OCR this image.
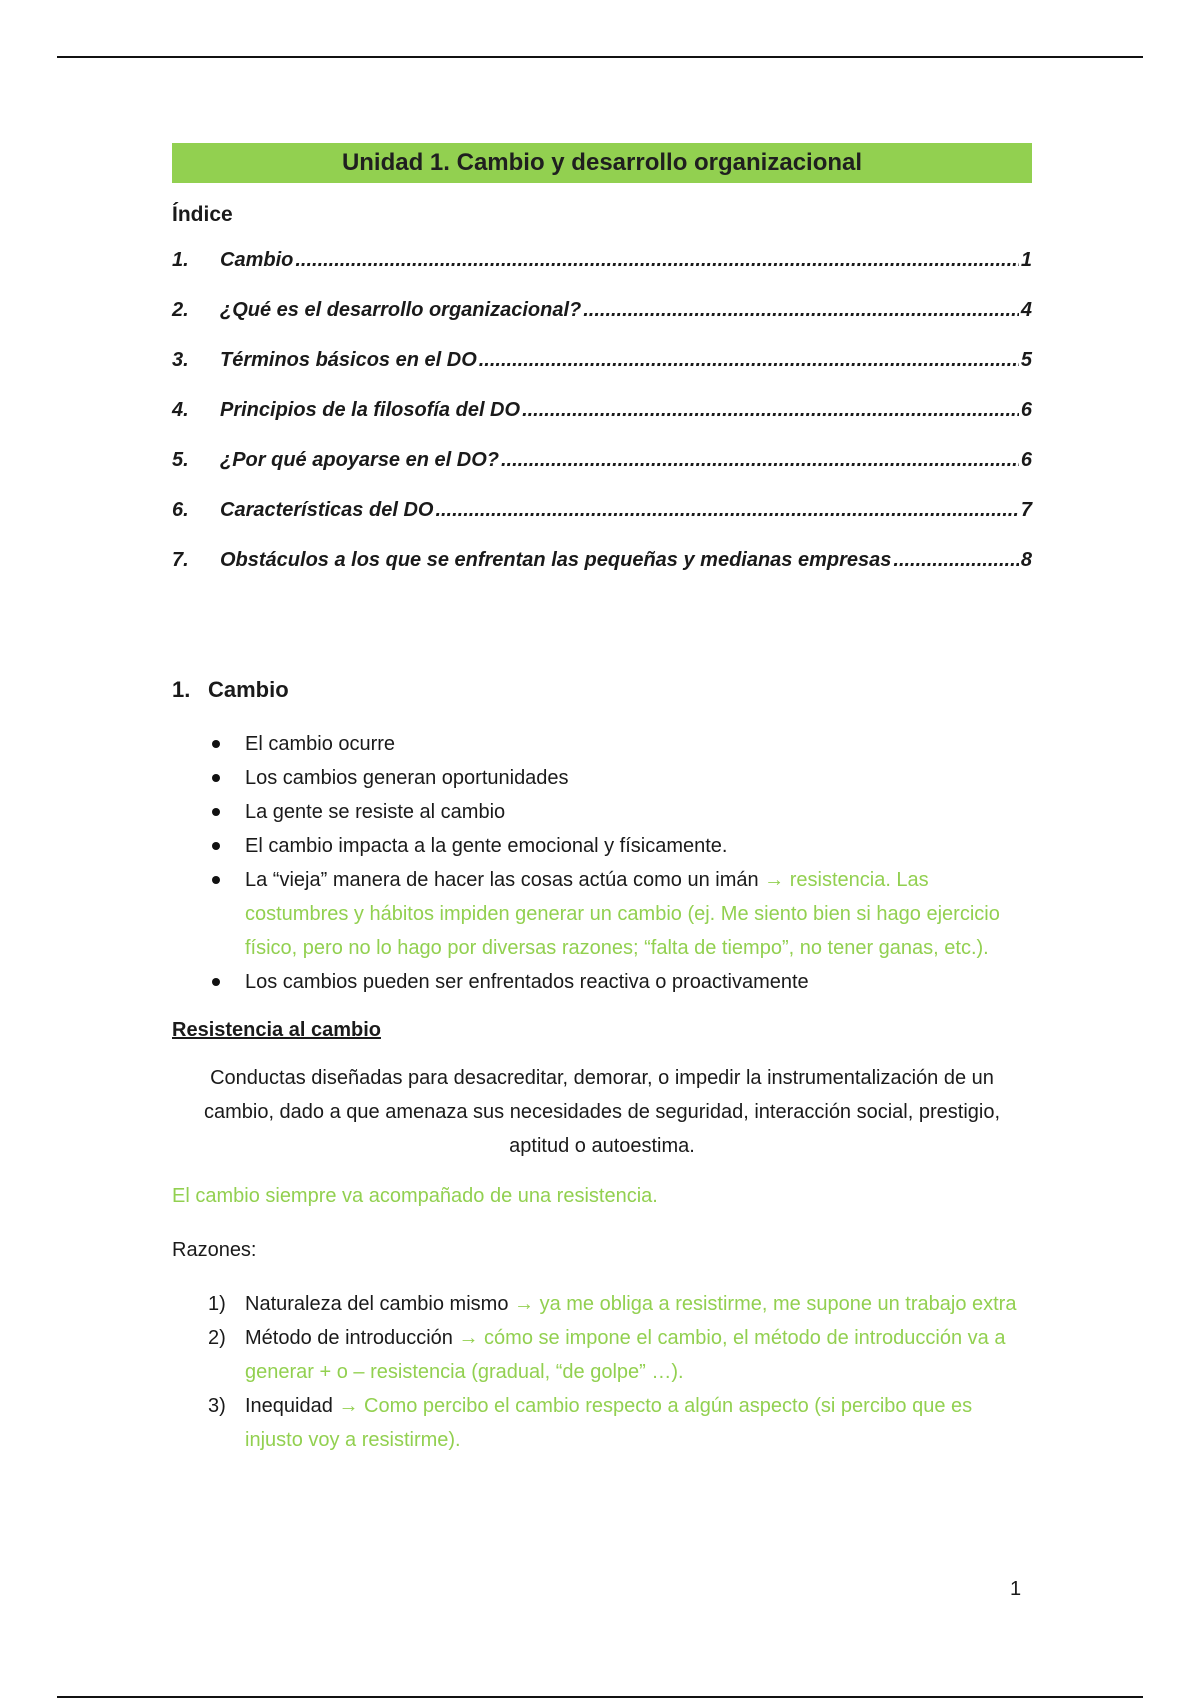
Unidad 1. Cambio y desarrollo organizacional
Índice
1.	Cambio .....	1
2.	¿Qué es el desarrollo organizacional? .....	4
3.	Términos básicos en el DO .....	5
4.	Principios de la filosofía del DO .....	6
5.	¿Por qué apoyarse en el DO? .....	6
6.	Características del DO .....	7
7.	Obstáculos a los que se enfrentan las pequeñas y medianas empresas .....	8
1. Cambio
El cambio ocurre
Los cambios generan oportunidades
La gente se resiste al cambio
El cambio impacta a la gente emocional y físicamente.
La “vieja” manera de hacer las cosas actúa como un imán → resistencia. Las costumbres y hábitos impiden generar un cambio (ej. Me siento bien si hago ejercicio físico, pero no lo hago por diversas razones; “falta de tiempo”, no tener ganas, etc.).
Los cambios pueden ser enfrentados reactiva o proactivamente
Resistencia al cambio
Conductas diseñadas para desacreditar, demorar, o impedir la instrumentalización de un cambio, dado a que amenaza sus necesidades de seguridad, interacción social, prestigio, aptitud o autoestima.
El cambio siempre va acompañado de una resistencia.
Razones:
1) Naturaleza del cambio mismo → ya me obliga a resistirme, me supone un trabajo extra
2) Método de introducción → cómo se impone el cambio, el método de introducción va a generar + o – resistencia (gradual, “de golpe” …).
3) Inequidad → Como percibo el cambio respecto a algún aspecto (si percibo que es injusto voy a resistirme).
1
